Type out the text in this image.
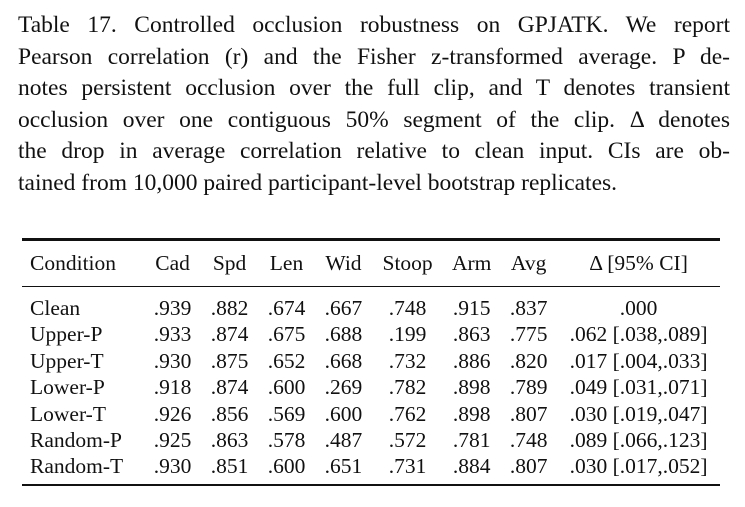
Table 17. Controlled occlusion robustness on GPJATK. We report
Pearson correlation (r) and the Fisher z-transformed average. P de-
notes persistent occlusion over the full clip, and T denotes transient
occlusion over one contiguous 50% segment of the clip. Δ denotes
the drop in average correlation relative to clean input. CIs are ob-
tained from 10,000 paired participant-level bootstrap replicates.
Condition	Cad	Spd	Len	Wid	Stoop	Arm	Avg	Δ [95% CI]
Clean	.939	.882	.674	.667	.748	.915	.837	.000
Upper-P	.933	.874	.675	.688	.199	.863	.775	.062 [.038,.089]
Upper-T	.930	.875	.652	.668	.732	.886	.820	.017 [.004,.033]
Lower-P	.918	.874	.600	.269	.782	.898	.789	.049 [.031,.071]
Lower-T	.926	.856	.569	.600	.762	.898	.807	.030 [.019,.047]
Random-P	.925	.863	.578	.487	.572	.781	.748	.089 [.066,.123]
Random-T	.930	.851	.600	.651	.731	.884	.807	.030 [.017,.052]
